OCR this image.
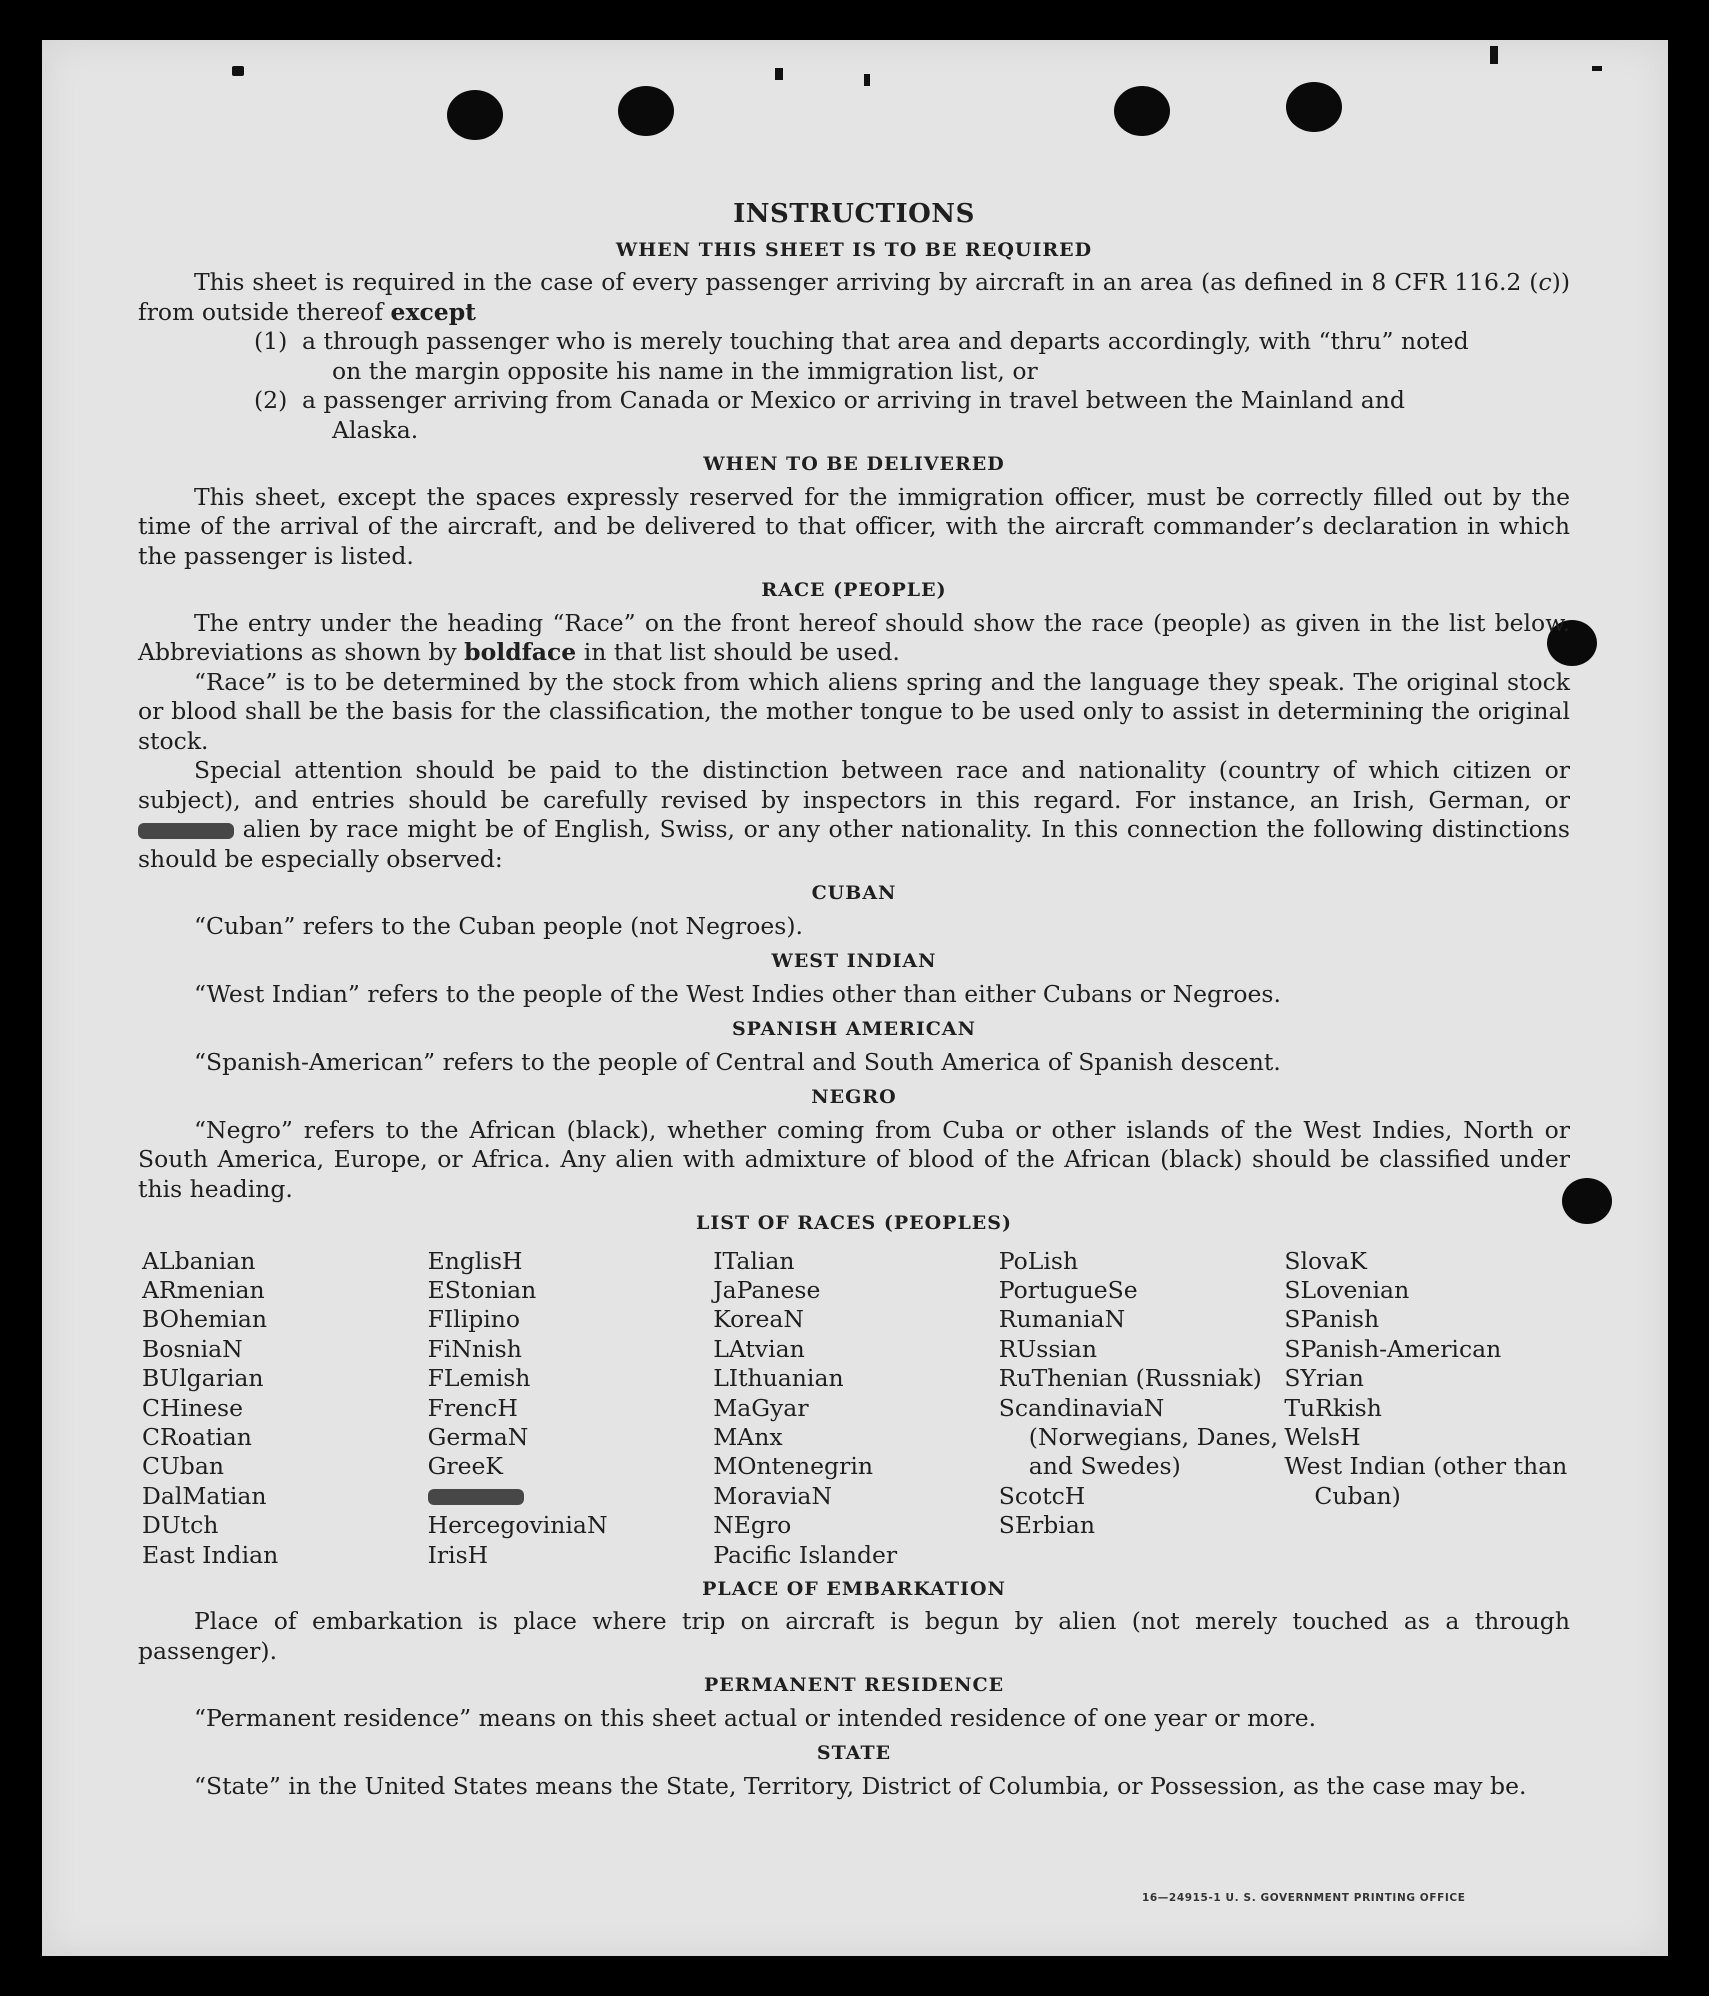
INSTRUCTIONS
WHEN THIS SHEET IS TO BE REQUIRED

This sheet is required in the case of every passenger arriving by aircraft in an area (as defined in 8 CFR 116.2 (c)) from outside thereof except

(1) a through passenger who is merely touching that area and departs accordingly, with “thru” noted
on the margin opposite his name in the immigration list, or
(2) a passenger arriving from Canada or Mexico or arriving in travel between the Mainland and
Alaska.
WHEN TO BE DELIVERED

This sheet, except the spaces expressly reserved for the immigration officer, must be correctly filled out by the time of the arrival of the aircraft, and be delivered to that officer, with the aircraft commander’s declaration in which the passenger is listed.

RACE (PEOPLE)

The entry under the heading “Race” on the front hereof should show the race (people) as given in the list below. Abbreviations as shown by boldface in that list should be used.

“Race” is to be determined by the stock from which aliens spring and the language they speak. The original stock or blood shall be the basis for the classification, the mother tongue to be used only to assist in determining the original stock.

Special attention should be paid to the distinction between race and nationality (country of which citizen or subject), and entries should be carefully revised by inspectors in this regard. For instance, an Irish, German, or  alien by race might be of English, Swiss, or any other nationality. In this connection the following distinctions should be especially observed:

CUBAN

“Cuban” refers to the Cuban people (not Negroes).

WEST INDIAN

“West Indian” refers to the people of the West Indies other than either Cubans or Negroes.

SPANISH AMERICAN

“Spanish-American” refers to the people of Central and South America of Spanish descent.

NEGRO

“Negro” refers to the African (black), whether coming from Cuba or other islands of the West Indies, North or South America, Europe, or Africa. Any alien with admixture of blood of the African (black) should be classified under this heading.

LIST OF RACES (PEOPLES)
ALbanian
ARmenian
BOhemian
BosniaN
BUlgarian
CHinese
CRoatian
CUban
DalMatian
DUtch
East Indian
EnglisH
EStonian
FIlipino
FiNnish
FLemish
FrencH
GermaN
GreeK
HercegoviniaN
IrisH
ITalian
JaPanese
KoreaN
LAtvian
LIthuanian
MaGyar
MAnx
MOntenegrin
MoraviaN
NEgro
Pacific Islander
PoLish
PortugueSe
RumaniaN
RUssian
RuThenian (Russniak)
ScandinaviaN (Norwegians, Danes, and Swedes)
ScotcH
SErbian
SlovaK
SLovenian
SPanish
SPanish-American
SYrian
TuRkish
WelsH
West Indian (other than Cuban)
PLACE OF EMBARKATION

Place of embarkation is place where trip on aircraft is begun by alien (not merely touched as a through passenger).

PERMANENT RESIDENCE

“Permanent residence” means on this sheet actual or intended residence of one year or more.

STATE

“State” in the United States means the State, Territory, District of Columbia, or Possession, as the case may be.

16—24915-1 U. S. GOVERNMENT PRINTING OFFICE
